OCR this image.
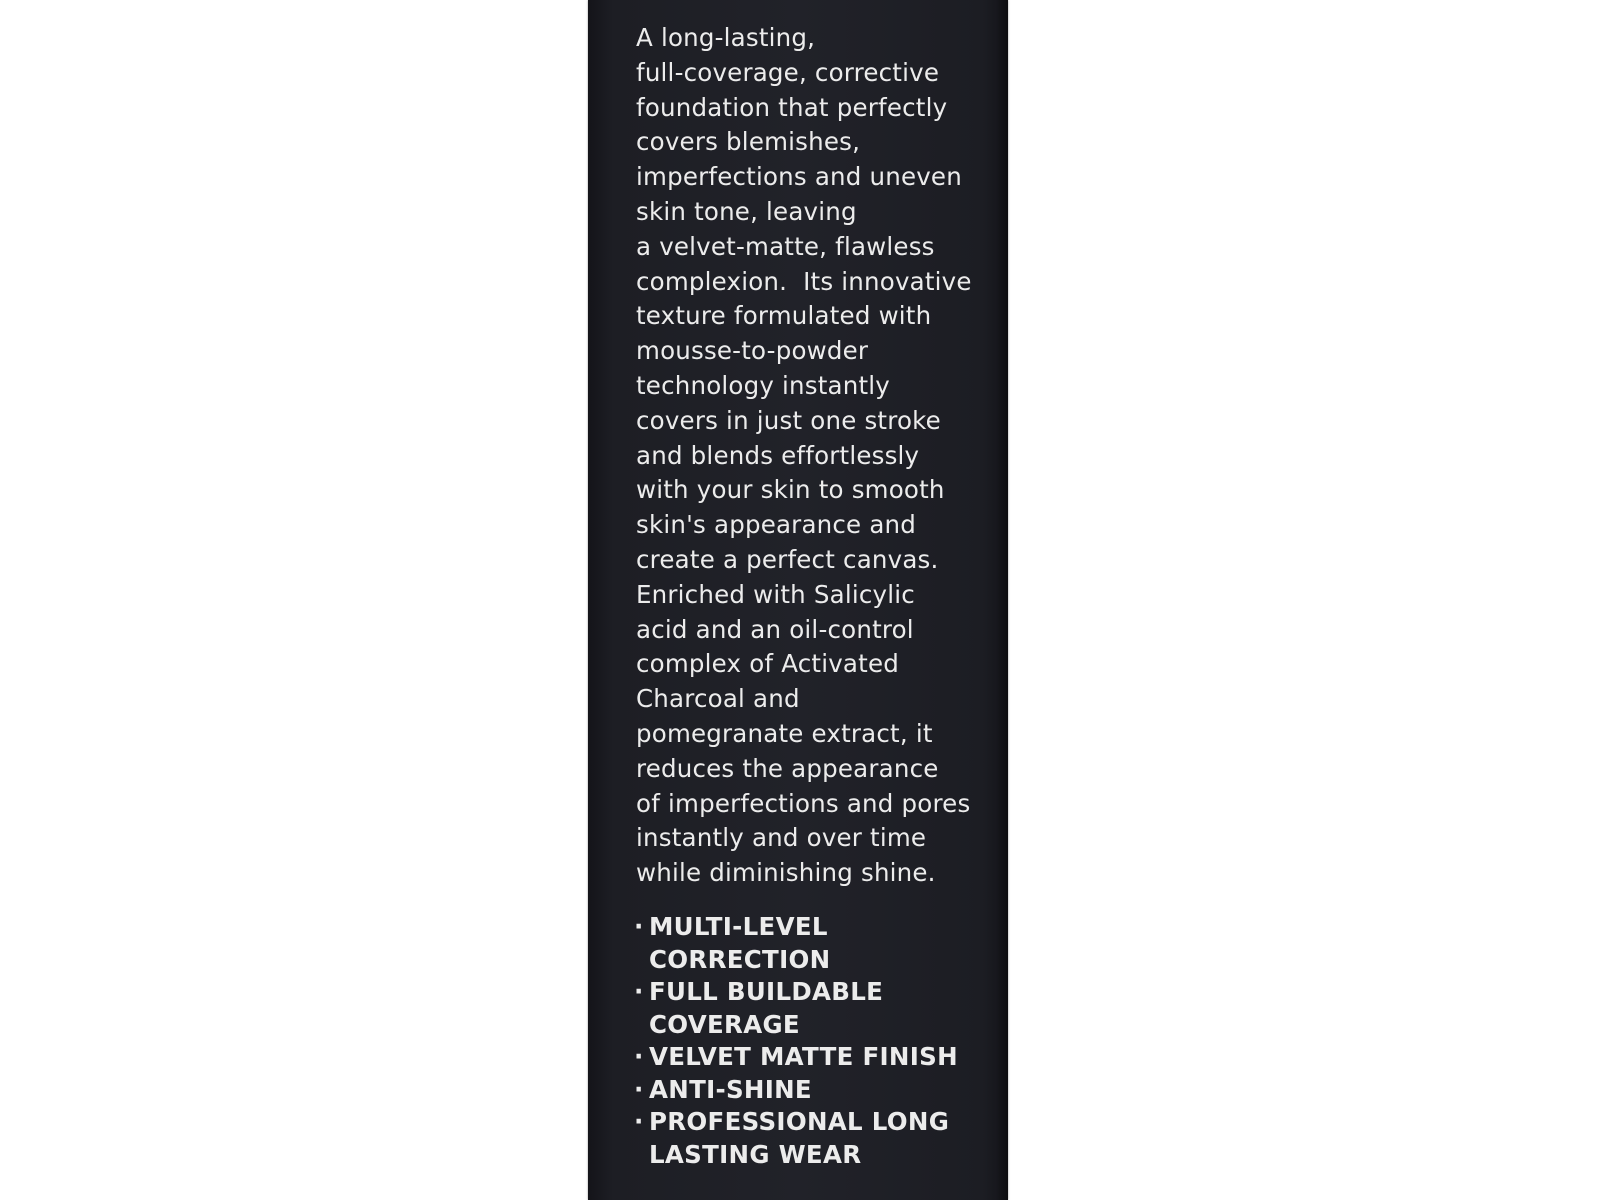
A long-lasting,
full-coverage, corrective
foundation that perfectly
covers blemishes,
imperfections and uneven
skin tone, leaving
a velvet-matte, flawless
complexion.  Its innovative
texture formulated with
mousse-to-powder
technology instantly
covers in just one stroke
and blends effortlessly
with your skin to smooth
skin's appearance and
create a perfect canvas.
Enriched with Salicylic
acid and an oil-control
complex of Activated
Charcoal and
pomegranate extract, it
reduces the appearance
of imperfections and pores
instantly and over time
while diminishing shine.
· MULTI-LEVEL
CORRECTION
· FULL BUILDABLE
COVERAGE
· VELVET MATTE FINISH
· ANTI-SHINE
· PROFESSIONAL LONG
LASTING WEAR
